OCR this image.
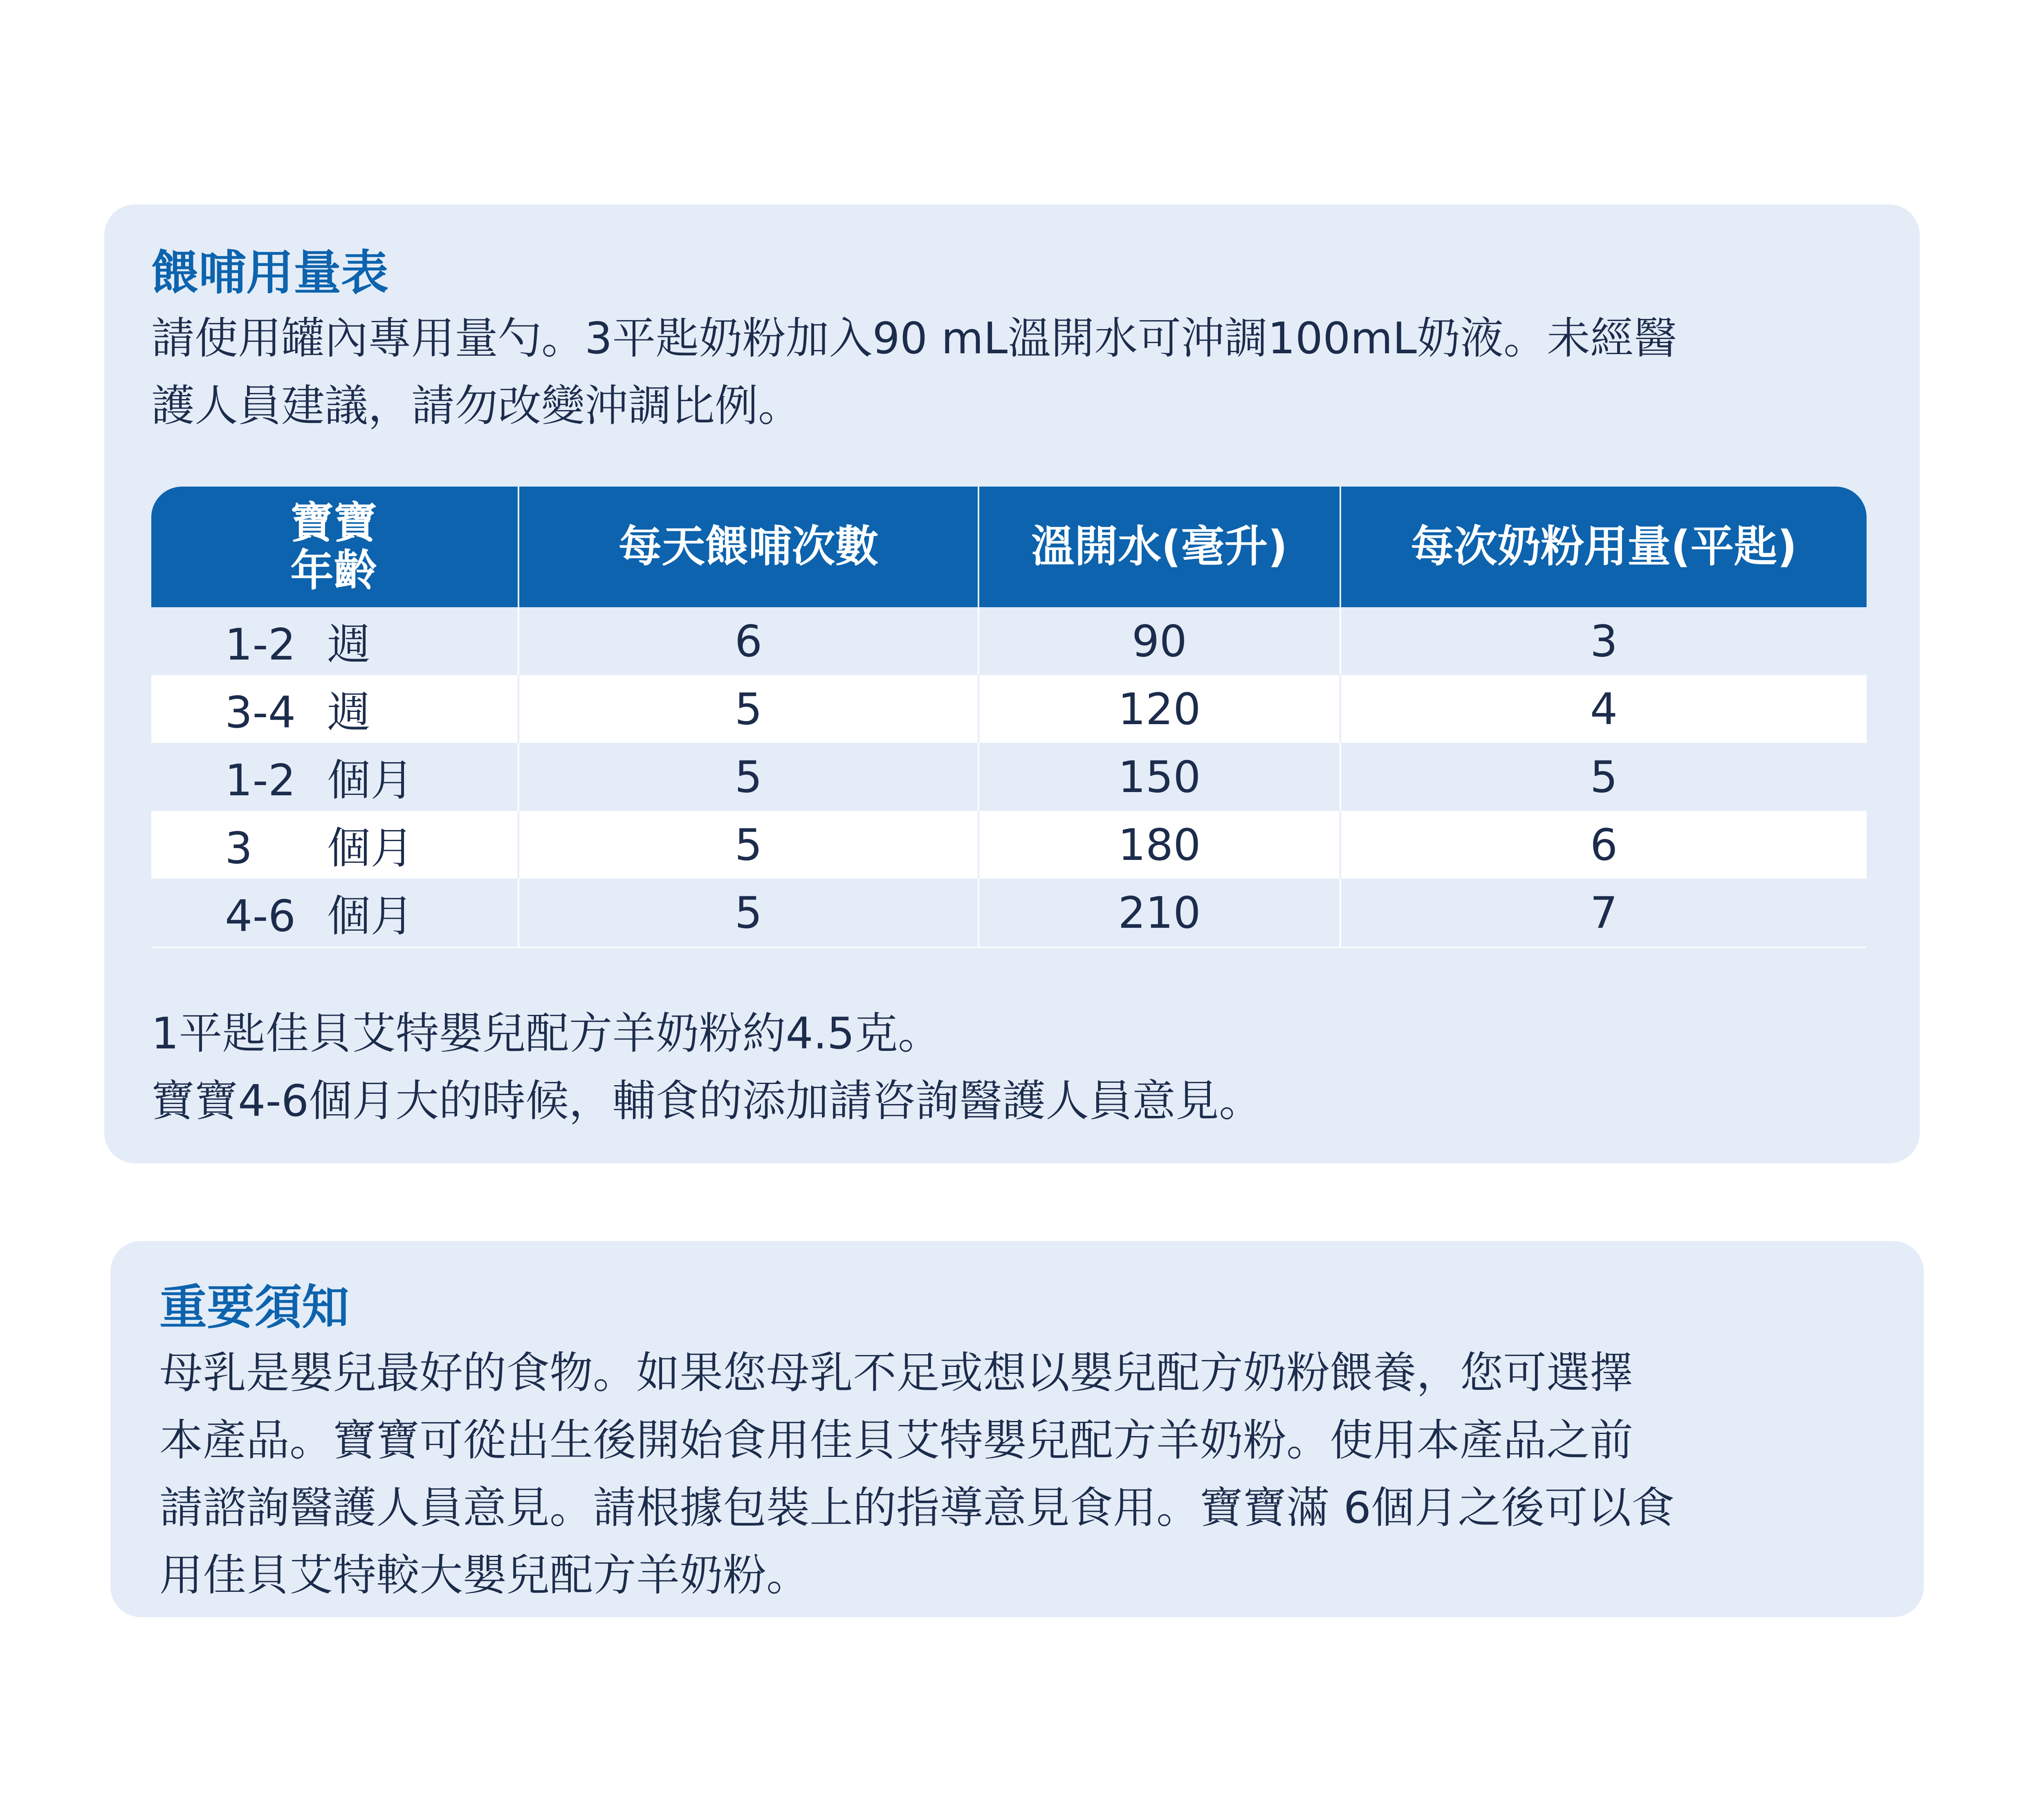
餵哺用量表
請使用罐內專用量勺。3平匙奶粉加入90 mL溫開水可沖調100mL奶液。未經醫
護人員建議，請勿改變沖調比例。
寶寶
年齡	每天餵哺次數	溫開水(毫升)	每次奶粉用量(平匙)
1-2 週	6	90	3
3-4 週	5	120	4
1-2 個月	5	150	5
3 個月	5	180	6
4-6 個月	5	210	7
1平匙佳貝艾特嬰兒配方羊奶粉約4.5克。
寶寶4-6個月大的時候，輔食的添加請咨詢醫護人員意見。
重要須知
母乳是嬰兒最好的食物。如果您母乳不足或想以嬰兒配方奶粉餵養，您可選擇
本產品。寶寶可從出生後開始食用佳貝艾特嬰兒配方羊奶粉。使用本產品之前
請諮詢醫護人員意見。請根據包裝上的指導意見食用。寶寶滿 6個月之後可以食
用佳貝艾特較大嬰兒配方羊奶粉。
